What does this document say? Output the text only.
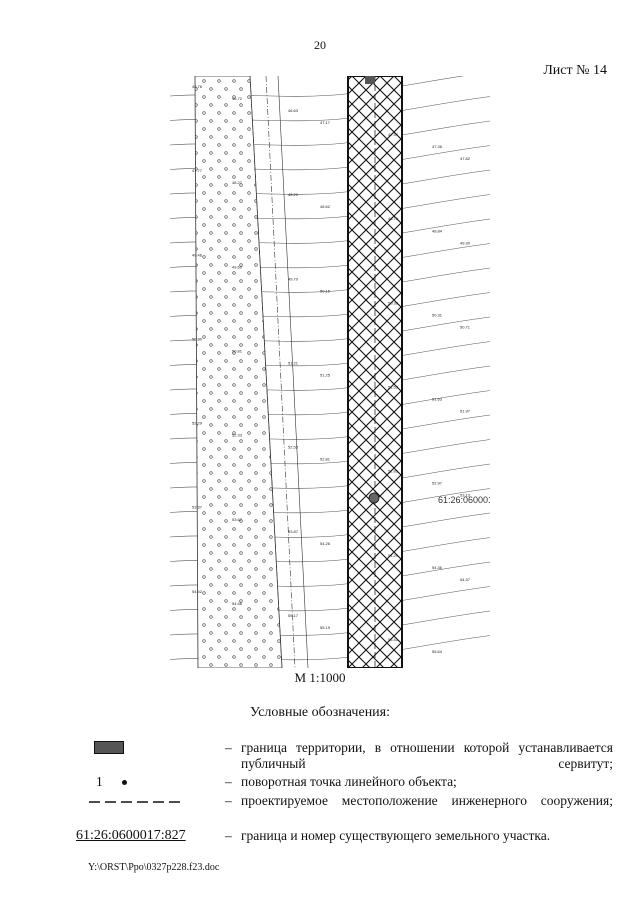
20
Лист № 14
46.76
46.72
46.63
47.17
47.34
47.36
47.82
47.77
48.27
48.20
48.62
48.70
48.84
49.30
49.46
49.60
49.70
50.15
50.38
50.31
50.71
50.80
50.81
51.21
51.25
51.53
51.63
51.97
52.29
52.33
52.53
52.81
52.85
52.97
53.13
53.37
53.67
53.87
54.26
54.29
54.36
54.37
54.42
54.56
55.17
55.19
55.41
55.64
61:26:06000
М 1:1000
Условные обозначения:
– граница территории, в отношении которой устанавливается публичный сервитут;
1	– поворотная точка линейного объекта;
– проектируемое местоположение инженерного сооружения;
61:26:0600017:827	– граница и номер существующего земельного участка.
Y:\ORST\Ppo\0327p228.f23.doc
